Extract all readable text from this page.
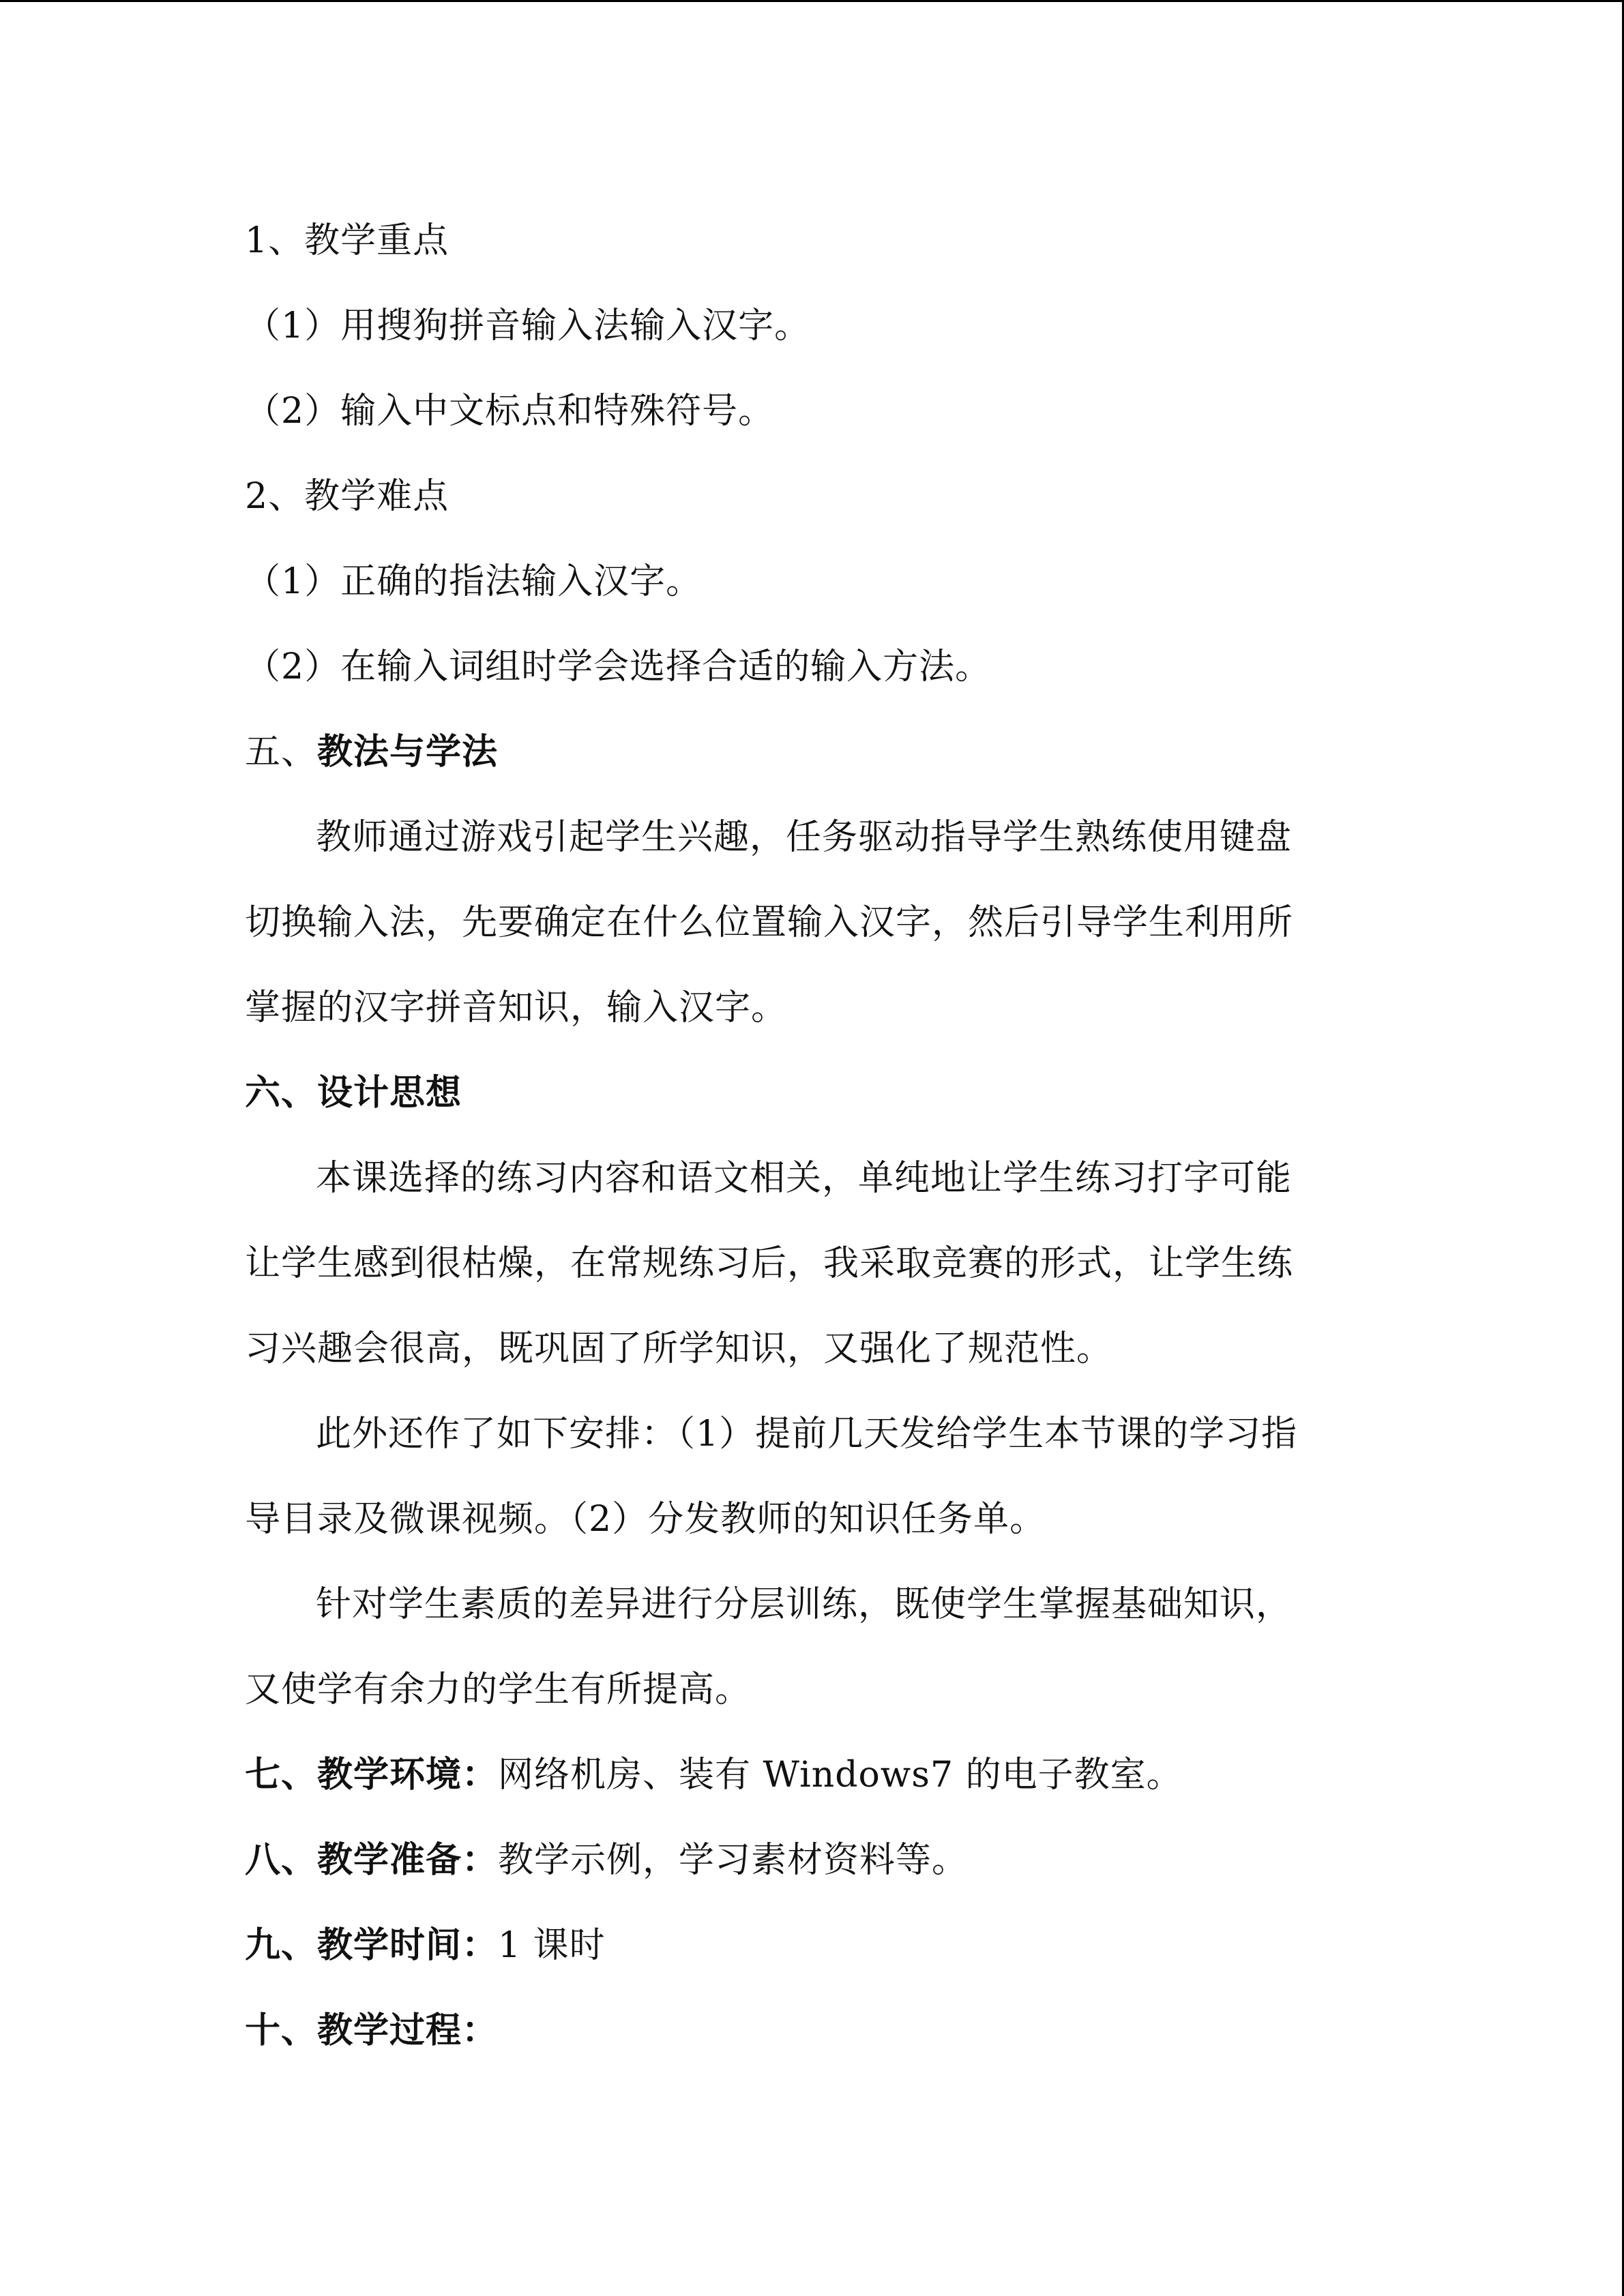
1、教学重点
（1）用搜狗拼音输入法输入汉字。
（2）输入中文标点和特殊符号。
2、教学难点
（1）正确的指法输入汉字。
（2）在输入词组时学会选择合适的输入方法。
五、教法与学法
教师通过游戏引起学生兴趣，任务驱动指导学生熟练使用键盘
切换输入法，先要确定在什么位置输入汉字，然后引导学生利用所
掌握的汉字拼音知识，输入汉字。
六、设计思想
本课选择的练习内容和语文相关，单纯地让学生练习打字可能
让学生感到很枯燥，在常规练习后，我采取竞赛的形式，让学生练
习兴趣会很高，既巩固了所学知识，又强化了规范性。
此外还作了如下安排：（1）提前几天发给学生本节课的学习指
导目录及微课视频。（2）分发教师的知识任务单。
针对学生素质的差异进行分层训练，既使学生掌握基础知识，
又使学有余力的学生有所提高。
七、教学环境：网络机房、装有 Windows7 的电子教室。
八、教学准备：教学示例，学习素材资料等。
九、教学时间：1 课时
十、教学过程：
